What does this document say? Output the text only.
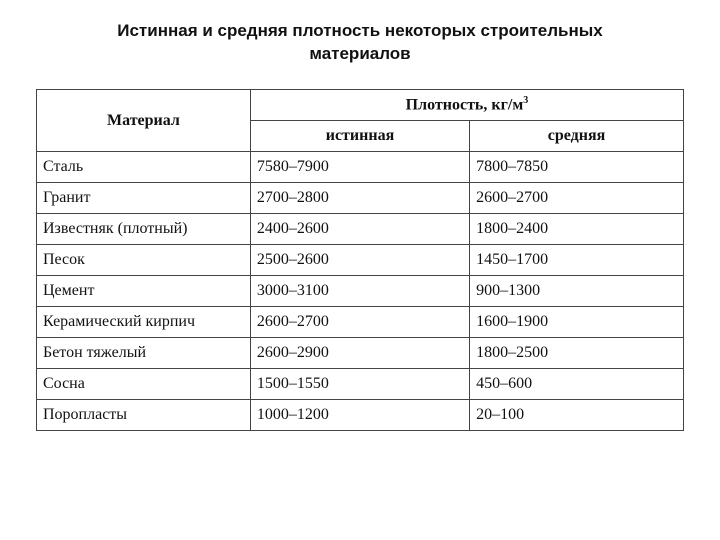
Истинная и средняя плотность некоторых строительных
материалов
Материал	Плотность, $кг/м^3$
	истинная	средняя
Сталь	7580–7900	7800–7850
Гранит	2700–2800	2600–2700
Известняк (плотный)	2400–2600	1800–2400
Песок	2500–2600	1450–1700
Цемент	3000–3100	900–1300
Керамический кирпич	2600–2700	1600–1900
Бетон тяжелый	2600–2900	1800–2500
Сосна	1500–1550	450–600
Поропласты	1000–1200	20–100
